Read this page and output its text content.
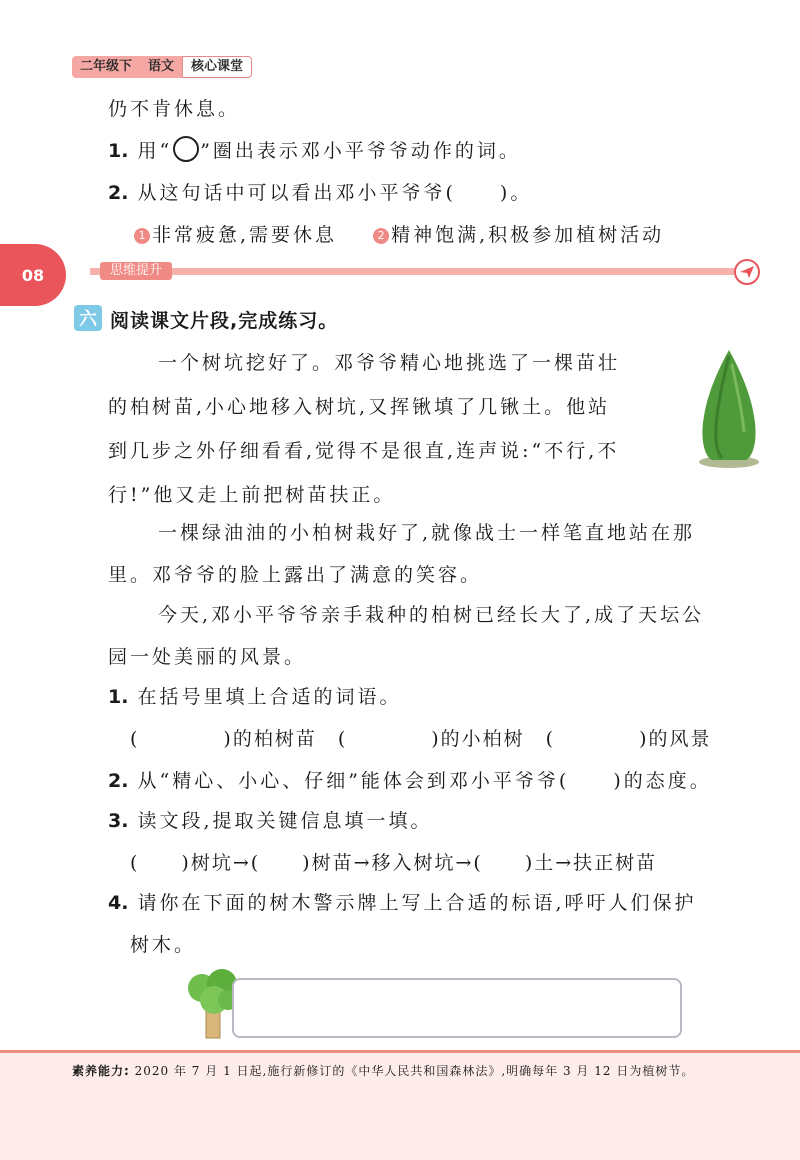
二年级下	语文	核心课堂
仍不肯休息。
1. 用“ ”圈出表示邓小平爷爷动作的词。
2. 从这句话中可以看出邓小平爷爷(　　)。
1 非常疲惫,需要休息	2 精神饱满,积极参加植树活动
08	思维提升
六 阅读课文片段,完成练习。
一个树坑挖好了。邓爷爷精心地挑选了一棵苗壮
的柏树苗,小心地移入树坑,又挥锹填了几锹土。他站
到几步之外仔细看看,觉得不是很直,连声说:“不行,不
行!”他又走上前把树苗扶正。
一棵绿油油的小柏树栽好了,就像战士一样笔直地站在那
里。邓爷爷的脸上露出了满意的笑容。
今天,邓小平爷爷亲手栽种的柏树已经长大了,成了天坛公
园一处美丽的风景。
1. 在括号里填上合适的词语。
(　　　　)的柏树苗　(　　　　)的小柏树　(　　　　)的风景
2. 从“精心、小心、仔细”能体会到邓小平爷爷(　　)的态度。
3. 读文段,提取关键信息填一填。
(　　)树坑→(　　)树苗→移入树坑→(　　)土→扶正树苗
4. 请你在下面的树木警示牌上写上合适的标语,呼吁人们保护
树木。
素养能力: 2020 年 7 月 1 日起,施行新修订的《中华人民共和国森林法》,明确每年 3 月 12 日为植树节。
